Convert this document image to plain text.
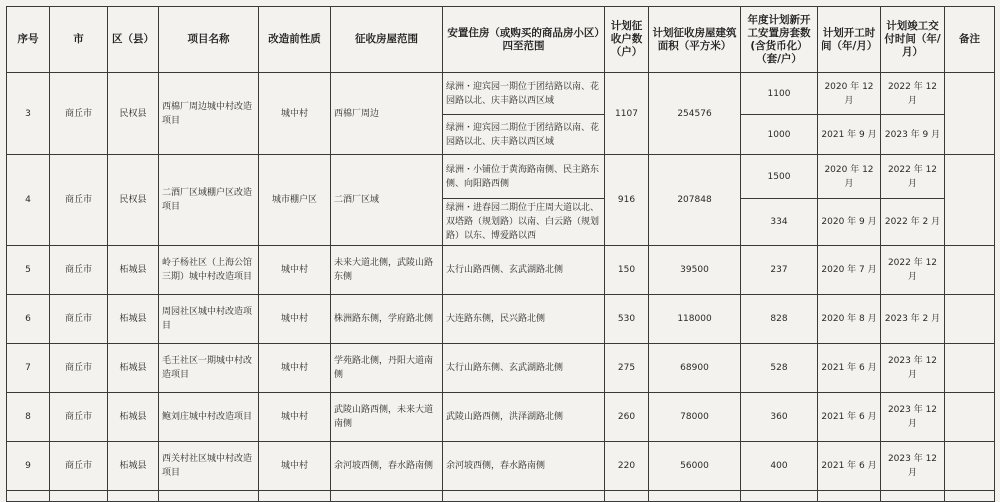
序号	市	区（县）	项目名称	改造前性质	征收房屋范围	安置住房（或购买的商品房小区）四至范围	计划征收户数（户）	计划征收房屋建筑面积（平方米）	年度计划新开工安置房套数(含货币化）（套/户）	计划开工时间（年/月）	计划竣工交付时间（年/月）	备注
3	商丘市	民权县	西棉厂周边城中村改造项目	城中村	西棉厂周边	绿洲・迎宾园一期位于团结路以南、花园路以北、庆丰路以西区域	1107	254576	1100	2020 年 12 月	2022 年 12 月	
						绿洲・迎宾园二期位于团结路以南、花园路以北、庆丰路以西区域			1000	2021 年 9 月	2023 年 9 月	
4	商丘市	民权县	二酒厂区域棚户区改造项目	城市棚户区	二酒厂区域	绿洲・小铺位于黄海路南侧、民主路东侧、向阳路西侧	916	207848	1500	2020 年 12 月	2022 年 12 月	
						绿洲・进春园二期位于庄周大道以北、双塔路（规划路）以南、白云路（规划路）以东、博爱路以西			334	2020 年 9 月	2022 年 2 月	
5	商丘市	柘城县	岭子杨社区（上海公馆三期）城中村改造项目	城中村	未来大道北侧，武陵山路东侧	太行山路西侧、玄武湖路北侧	150	39500	237	2020 年 7 月	2022 年 12 月	
6	商丘市	柘城县	周园社区城中村改造项目	城中村	株洲路东侧，学府路北侧	大连路东侧，民兴路北侧	530	118000	828	2020 年 8 月	2023 年 2 月	
7	商丘市	柘城县	毛王社区一期城中村改造项目	城中村	学苑路北侧，丹阳大道南侧	太行山路东侧、玄武湖路北侧	275	68900	528	2021 年 6 月	2023 年 12 月	
8	商丘市	柘城县	鲍刘庄城中村改造项目	城中村	武陵山路西侧，未来大道南侧	武陵山路西侧，洪泽湖路北侧	260	78000	360	2021 年 6 月	2023 年 12 月	
9	商丘市	柘城县	西关村社区城中村改造项目	城中村	余河坡西侧，春水路南侧	余河坡西侧，春水路南侧	220	56000	400	2021 年 6 月	2023 年 12 月	
